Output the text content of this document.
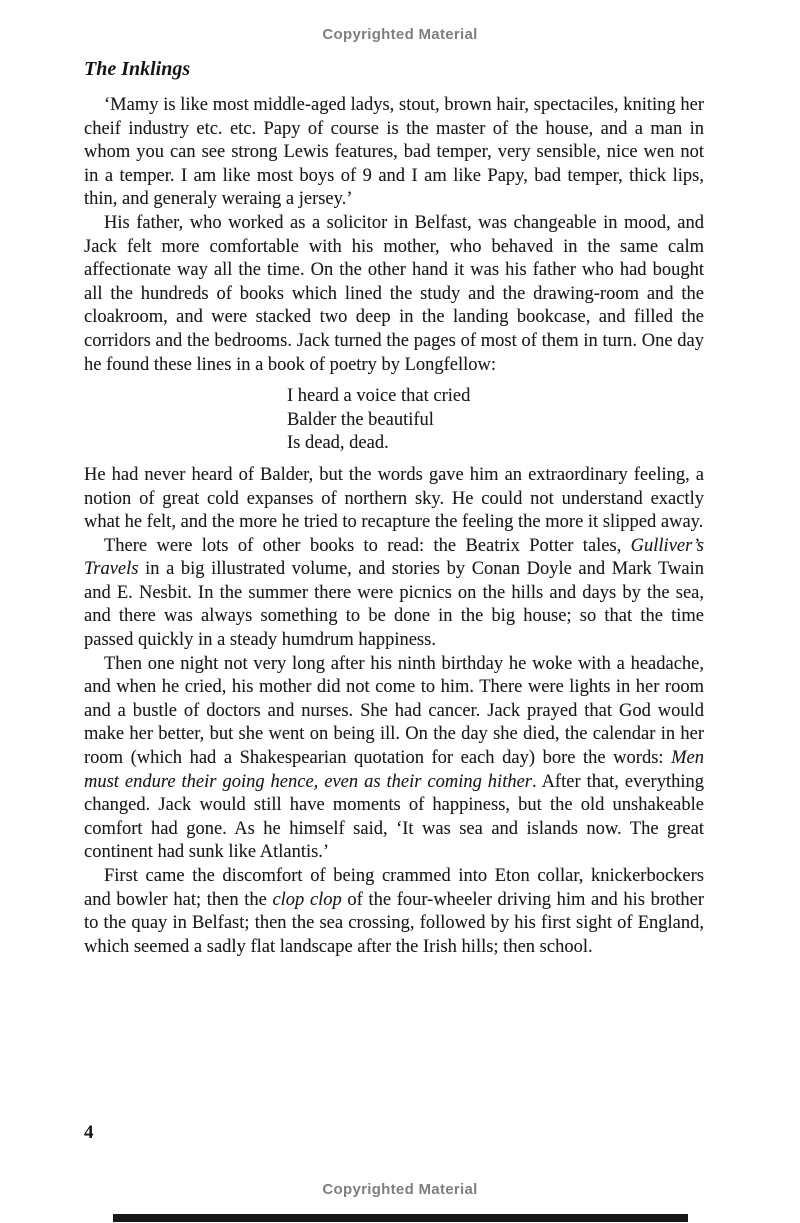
Copyrighted Material
The Inklings

‘Mamy is like most middle-aged ladys, stout, brown hair, spectaciles, kniting her cheif industry etc. etc. Papy of course is the master of the house, and a man in whom you can see strong Lewis features, bad temper, very sensible, nice wen not in a temper. I am like most boys of 9 and I am like Papy, bad temper, thick lips, thin, and generaly weraing a jersey.’

His father, who worked as a solicitor in Belfast, was changeable in mood, and Jack felt more comfortable with his mother, who behaved in the same calm affectionate way all the time. On the other hand it was his father who had bought all the hundreds of books which lined the study and the drawing-room and the cloakroom, and were stacked two deep in the landing bookcase, and filled the corridors and the bedrooms. Jack turned the pages of most of them in turn. One day he found these lines in a book of poetry by Longfellow:

I heard a voice that cried
Balder the beautiful
Is dead, dead.

He had never heard of Balder, but the words gave him an extraordinary feeling, a notion of great cold expanses of northern sky. He could not understand exactly what he felt, and the more he tried to recapture the feeling the more it slipped away.

There were lots of other books to read: the Beatrix Potter tales, Gulliver’s Travels in a big illustrated volume, and stories by Conan Doyle and Mark Twain and E. Nesbit. In the summer there were picnics on the hills and days by the sea, and there was always something to be done in the big house; so that the time passed quickly in a steady humdrum happiness.

Then one night not very long after his ninth birthday he woke with a headache, and when he cried, his mother did not come to him. There were lights in her room and a bustle of doctors and nurses. She had cancer. Jack prayed that God would make her better, but she went on being ill. On the day she died, the calendar in her room (which had a Shakespearian quotation for each day) bore the words: Men must endure their going hence, even as their coming hither. After that, everything changed. Jack would still have moments of happiness, but the old unshakeable comfort had gone. As he himself said, ‘It was sea and islands now. The great continent had sunk like Atlantis.’

First came the discomfort of being crammed into Eton collar, knickerbockers and bowler hat; then the clop clop of the four-wheeler driving him and his brother to the quay in Belfast; then the sea crossing, followed by his first sight of England, which seemed a sadly flat landscape after the Irish hills; then school.

4
Copyrighted Material
